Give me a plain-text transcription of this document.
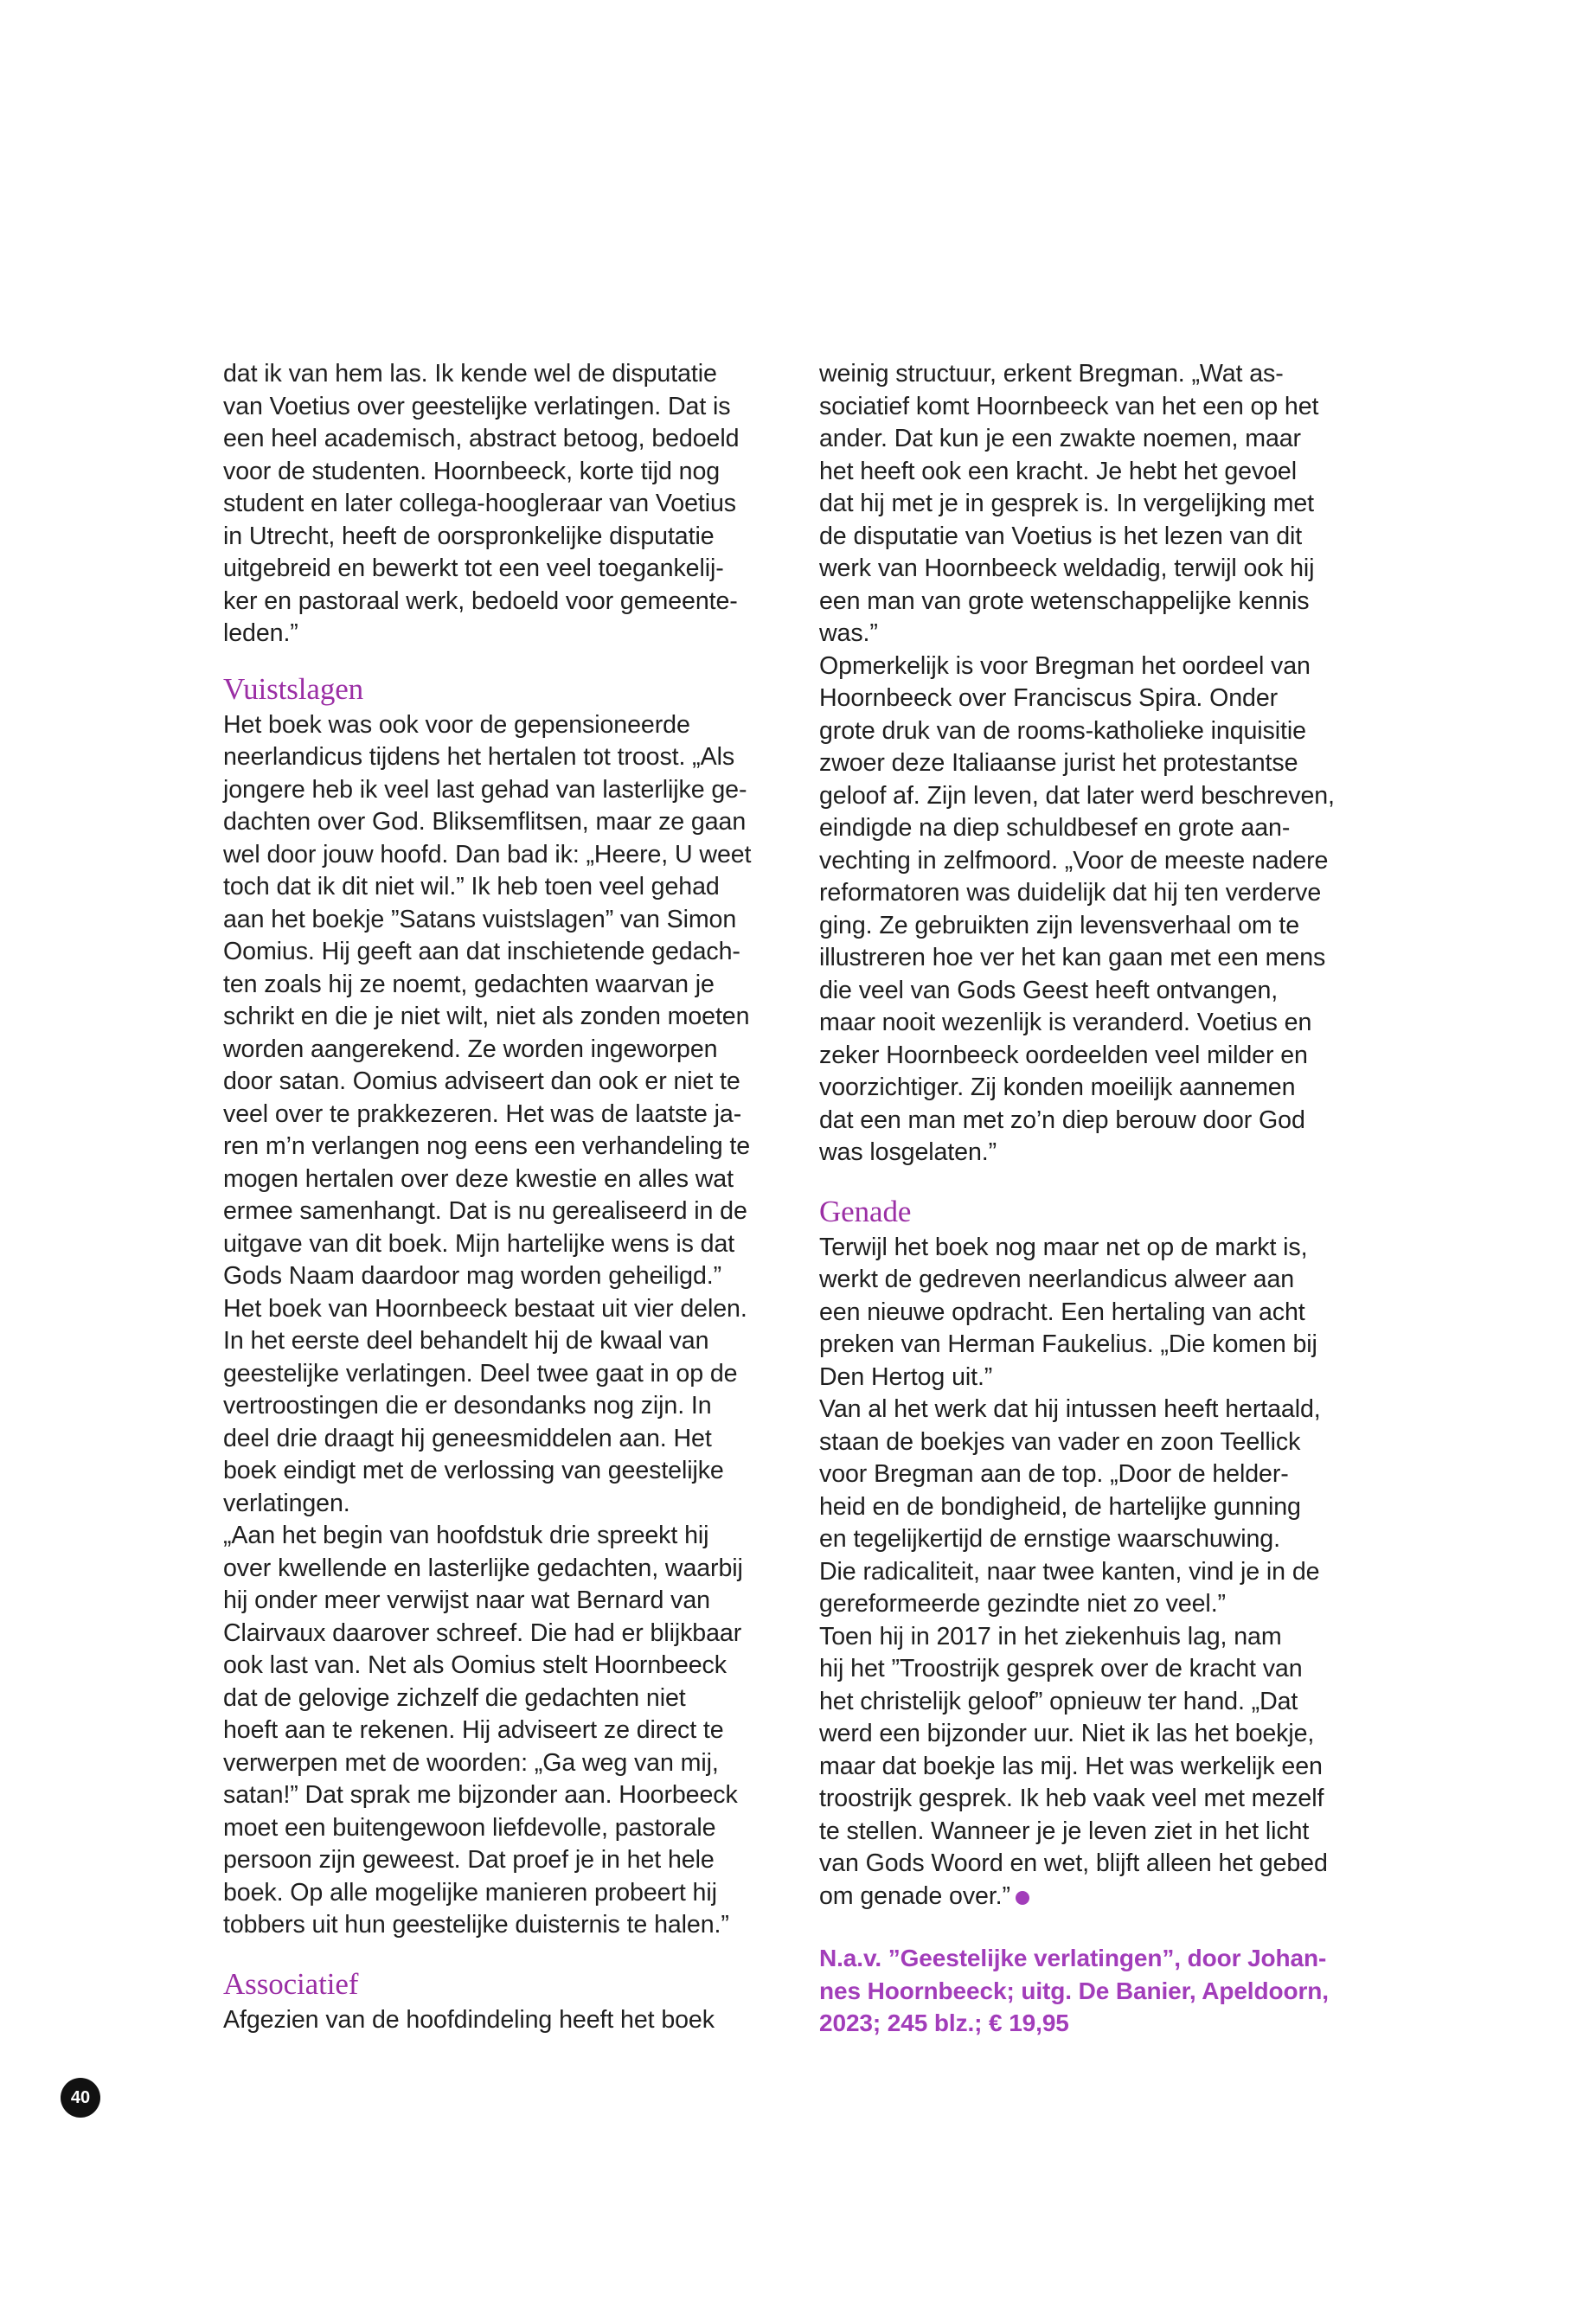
dat ik van hem las. Ik kende wel de disputatie
van Voetius over geestelijke verlatingen. Dat is
een heel academisch, abstract betoog, bedoeld
voor de studenten. Hoornbeeck, korte tijd nog
student en later collega-hoogleraar van Voetius
in Utrecht, heeft de oorspronkelijke disputatie
uitgebreid en bewerkt tot een veel toegankelij-
ker en pastoraal werk, bedoeld voor gemeente-
leden.”
Vuistslagen
Het boek was ook voor de gepensioneerde
neerlandicus tijdens het hertalen tot troost. „Als
jongere heb ik veel last gehad van lasterlijke ge-
dachten over God. Bliksemflitsen, maar ze gaan
wel door jouw hoofd. Dan bad ik: „Heere, U weet
toch dat ik dit niet wil.” Ik heb toen veel gehad
aan het boekje ”Satans vuistslagen” van Simon
Oomius. Hij geeft aan dat inschietende gedach-
ten zoals hij ze noemt, gedachten waarvan je
schrikt en die je niet wilt, niet als zonden moeten
worden aangerekend. Ze worden ingeworpen
door satan. Oomius adviseert dan ook er niet te
veel over te prakkezeren. Het was de laatste ja-
ren m’n verlangen nog eens een verhandeling te
mogen hertalen over deze kwestie en alles wat
ermee samenhangt. Dat is nu gerealiseerd in de
uitgave van dit boek. Mijn hartelijke wens is dat
Gods Naam daardoor mag worden geheiligd.”
Het boek van Hoornbeeck bestaat uit vier delen.
In het eerste deel behandelt hij de kwaal van
geestelijke verlatingen. Deel twee gaat in op de
vertroostingen die er desondanks nog zijn. In
deel drie draagt hij geneesmiddelen aan. Het
boek eindigt met de verlossing van geestelijke
verlatingen.
„Aan het begin van hoofdstuk drie spreekt hij
over kwellende en lasterlijke gedachten, waarbij
hij onder meer verwijst naar wat Bernard van
Clairvaux daarover schreef. Die had er blijkbaar
ook last van. Net als Oomius stelt Hoornbeeck
dat de gelovige zichzelf die gedachten niet
hoeft aan te rekenen. Hij adviseert ze direct te
verwerpen met de woorden: „Ga weg van mij,
satan!” Dat sprak me bijzonder aan. Hoorbeeck
moet een buitengewoon liefdevolle, pastorale
persoon zijn geweest. Dat proef je in het hele
boek. Op alle mogelijke manieren probeert hij
tobbers uit hun geestelijke duisternis te halen.”
Associatief
Afgezien van de hoofdindeling heeft het boek
weinig structuur, erkent Bregman. „Wat as-
sociatief komt Hoornbeeck van het een op het
ander. Dat kun je een zwakte noemen, maar
het heeft ook een kracht. Je hebt het gevoel
dat hij met je in gesprek is. In vergelijking met
de disputatie van Voetius is het lezen van dit
werk van Hoornbeeck weldadig, terwijl ook hij
een man van grote wetenschappelijke kennis
was.”
Opmerkelijk is voor Bregman het oordeel van
Hoornbeeck over Franciscus Spira. Onder
grote druk van de rooms-katholieke inquisitie
zwoer deze Italiaanse jurist het protestantse
geloof af. Zijn leven, dat later werd beschreven,
eindigde na diep schuldbesef en grote aan-
vechting in zelfmoord. „Voor de meeste nadere
reformatoren was duidelijk dat hij ten verderve
ging. Ze gebruikten zijn levensverhaal om te
illustreren hoe ver het kan gaan met een mens
die veel van Gods Geest heeft ontvangen,
maar nooit wezenlijk is veranderd. Voetius en
zeker Hoornbeeck oordeelden veel milder en
voorzichtiger. Zij konden moeilijk aannemen
dat een man met zo’n diep berouw door God
was losgelaten.”
Genade
Terwijl het boek nog maar net op de markt is,
werkt de gedreven neerlandicus alweer aan
een nieuwe opdracht. Een hertaling van acht
preken van Herman Faukelius. „Die komen bij
Den Hertog uit.”
Van al het werk dat hij intussen heeft hertaald,
staan de boekjes van vader en zoon Teellick
voor Bregman aan de top. „Door de helder-
heid en de bondigheid, de hartelijke gunning
en tegelijkertijd de ernstige waarschuwing.
Die radicaliteit, naar twee kanten, vind je in de
gereformeerde gezindte niet zo veel.”
Toen hij in 2017 in het ziekenhuis lag, nam
hij het ”Troostrijk gesprek over de kracht van
het christelijk geloof” opnieuw ter hand. „Dat
werd een bijzonder uur. Niet ik las het boekje,
maar dat boekje las mij. Het was werkelijk een
troostrijk gesprek. Ik heb vaak veel met mezelf
te stellen. Wanneer je je leven ziet in het licht
van Gods Woord en wet, blijft alleen het gebed
om genade over.”
N.a.v. ”Geestelijke verlatingen”, door Johan-
nes Hoornbeeck; uitg. De Banier, Apeldoorn,
2023; 245 blz.; € 19,95
40
